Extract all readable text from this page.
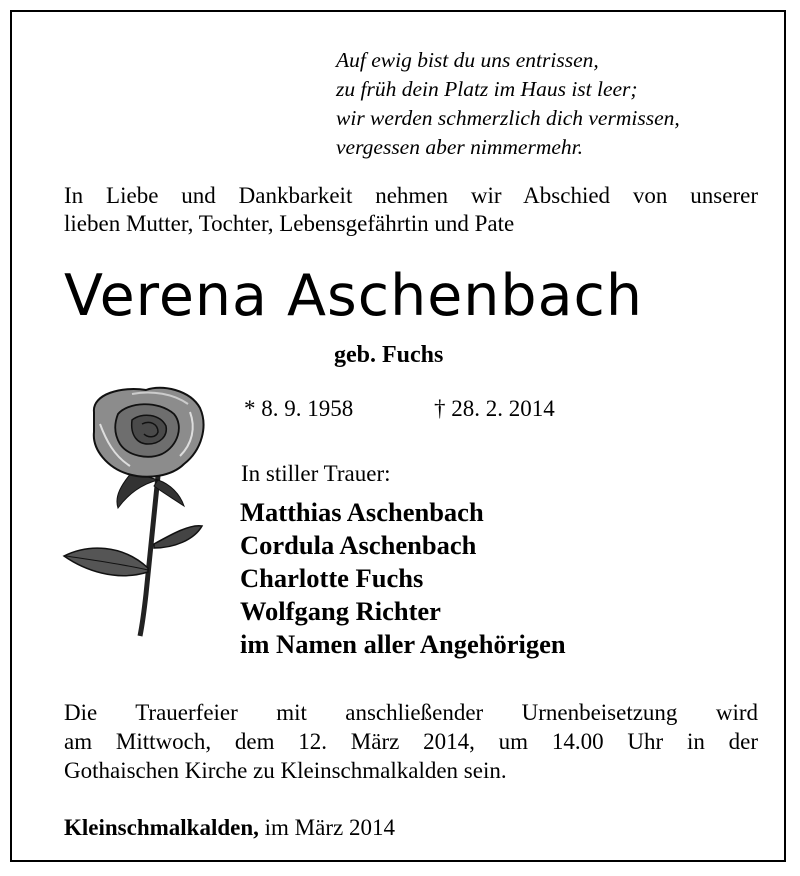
Auf ewig bist du uns entrissen,
zu früh dein Platz im Haus ist leer;
wir werden schmerzlich dich vermissen,
vergessen aber nimmermehr.
In Liebe und Dankbarkeit nehmen wir Abschied von unserer
lieben Mutter, Tochter, Lebensgefährtin und Pate
Verena Aschenbach
geb. Fuchs
* 8. 9. 1958	† 28. 2. 2014
In stiller Trauer:
Matthias Aschenbach
Cordula Aschenbach
Charlotte Fuchs
Wolfgang Richter
im Namen aller Angehörigen
Die Trauerfeier mit anschließender Urnenbeisetzung wird
am Mittwoch, dem 12. März 2014, um 14.00 Uhr in der
Gothaischen Kirche zu Kleinschmalkalden sein.
Kleinschmalkalden, im März 2014
